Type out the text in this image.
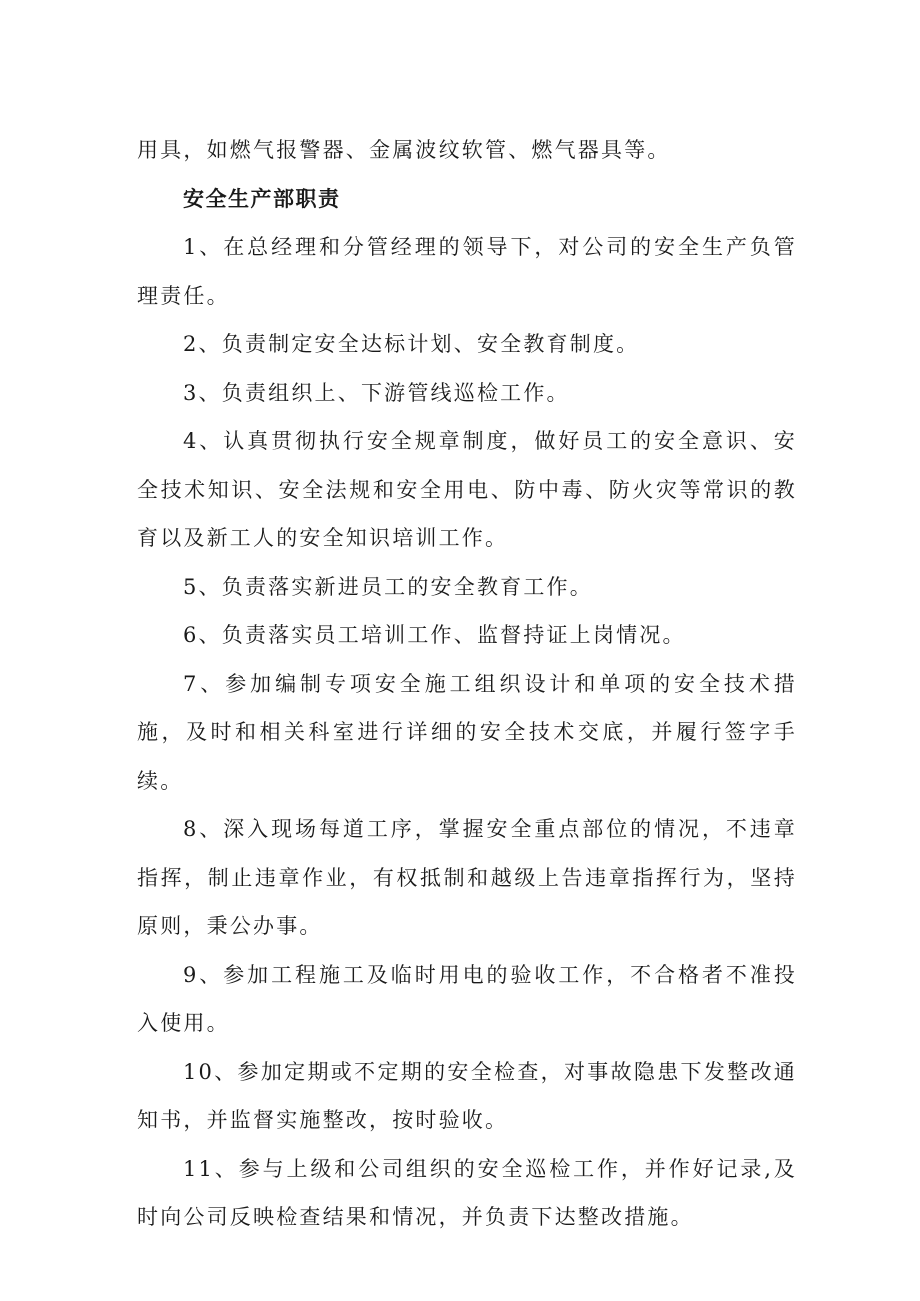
用具，如燃气报警器、金属波纹软管、燃气器具等。

安全生产部职责

1、在总经理和分管经理的领导下，对公司的安全生产负管理责任。

2、负责制定安全达标计划、安全教育制度。

3、负责组织上、下游管线巡检工作。

4、认真贯彻执行安全规章制度，做好员工的安全意识、安全技术知识、安全法规和安全用电、防中毒、防火灾等常识的教育以及新工人的安全知识培训工作。

5、负责落实新进员工的安全教育工作。

6、负责落实员工培训工作、监督持证上岗情况。

7、参加编制专项安全施工组织设计和单项的安全技术措施，及时和相关科室进行详细的安全技术交底，并履行签字手续。

8、深入现场每道工序，掌握安全重点部位的情况，不违章指挥，制止违章作业，有权抵制和越级上告违章指挥行为，坚持原则，秉公办事。

9、参加工程施工及临时用电的验收工作，不合格者不准投入使用。

10、参加定期或不定期的安全检查，对事故隐患下发整改通知书，并监督实施整改，按时验收。

11、参与上级和公司组织的安全巡检工作，并作好记录,及时向公司反映检查结果和情况，并负责下达整改措施。
